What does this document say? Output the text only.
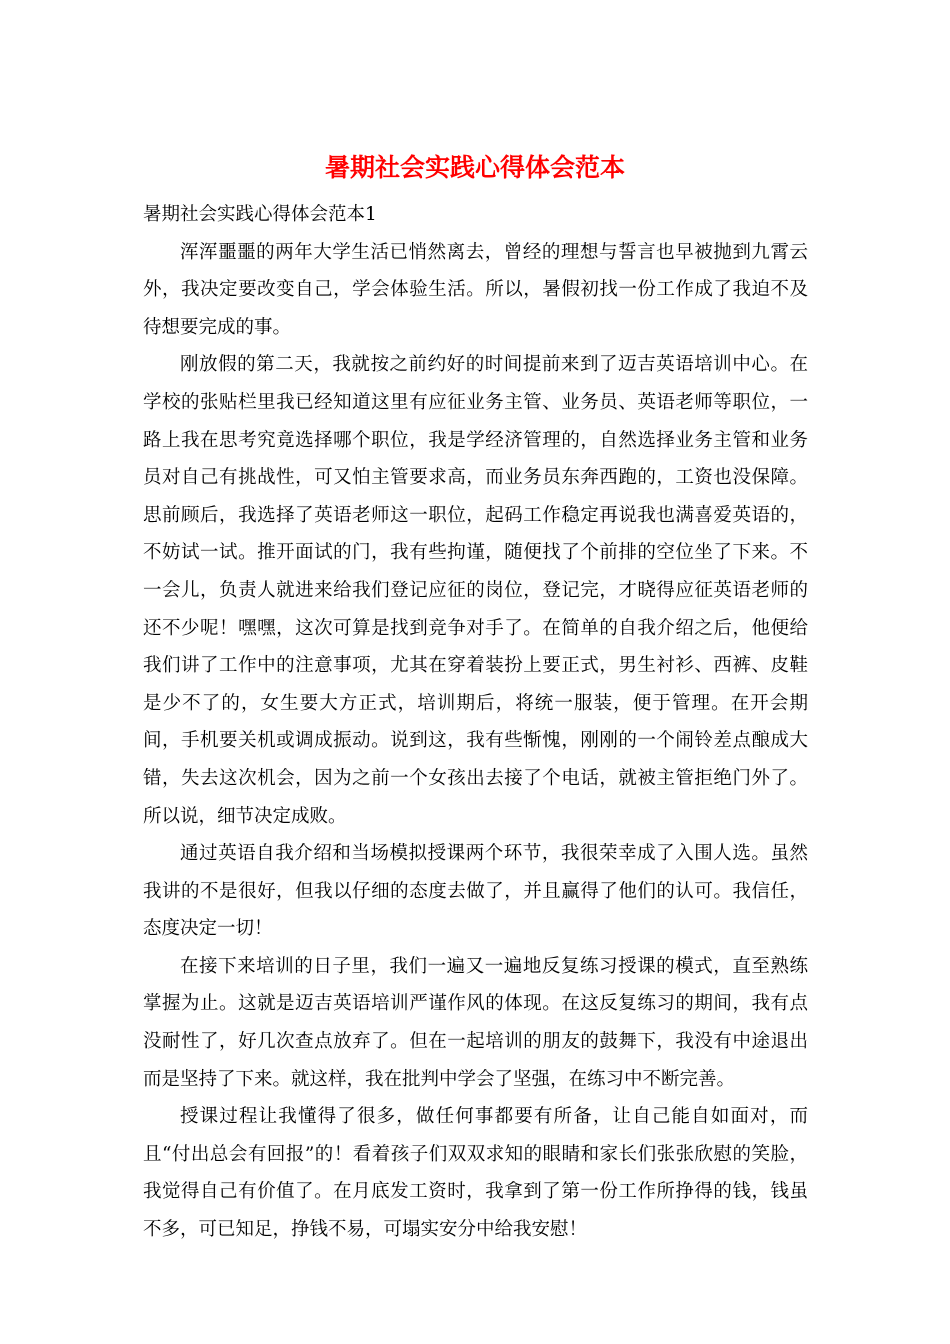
暑期社会实践心得体会范本

暑期社会实践心得体会范本1

浑浑噩噩的两年大学生活已悄然离去，曾经的理想与誓言也早被抛到九霄云外，我决定要改变自己，学会体验生活。所以，暑假初找一份工作成了我迫不及待想要完成的事。

刚放假的第二天，我就按之前约好的时间提前来到了迈吉英语培训中心。在学校的张贴栏里我已经知道这里有应征业务主管、业务员、英语老师等职位，一路上我在思考究竟选择哪个职位，我是学经济管理的，自然选择业务主管和业务员对自己有挑战性，可又怕主管要求高，而业务员东奔西跑的，工资也没保障。思前顾后，我选择了英语老师这一职位，起码工作稳定再说我也满喜爱英语的，不妨试一试。推开面试的门，我有些拘谨，随便找了个前排的空位坐了下来。不一会儿，负责人就进来给我们登记应征的岗位，登记完，才晓得应征英语老师的还不少呢！嘿嘿，这次可算是找到竞争对手了。在简单的自我介绍之后，他便给我们讲了工作中的注意事项，尤其在穿着装扮上要正式，男生衬衫、西裤、皮鞋是少不了的，女生要大方正式，培训期后，将统一服装，便于管理。在开会期间，手机要关机或调成振动。说到这，我有些惭愧，刚刚的一个闹铃差点酿成大错，失去这次机会，因为之前一个女孩出去接了个电话，就被主管拒绝门外了。所以说，细节决定成败。

通过英语自我介绍和当场模拟授课两个环节，我很荣幸成了入围人选。虽然我讲的不是很好，但我以仔细的态度去做了，并且赢得了他们的认可。我信任，态度决定一切！

在接下来培训的日子里，我们一遍又一遍地反复练习授课的模式，直至熟练掌握为止。这就是迈吉英语培训严谨作风的体现。在这反复练习的期间，我有点没耐性了，好几次查点放弃了。但在一起培训的朋友的鼓舞下，我没有中途退出而是坚持了下来。就这样，我在批判中学会了坚强，在练习中不断完善。

授课过程让我懂得了很多，做任何事都要有所备，让自己能自如面对，而且“付出总会有回报”的！看着孩子们双双求知的眼睛和家长们张张欣慰的笑脸，我觉得自己有价值了。在月底发工资时，我拿到了第一份工作所挣得的钱，钱虽不多，可已知足，挣钱不易，可塌实安分中给我安慰！
